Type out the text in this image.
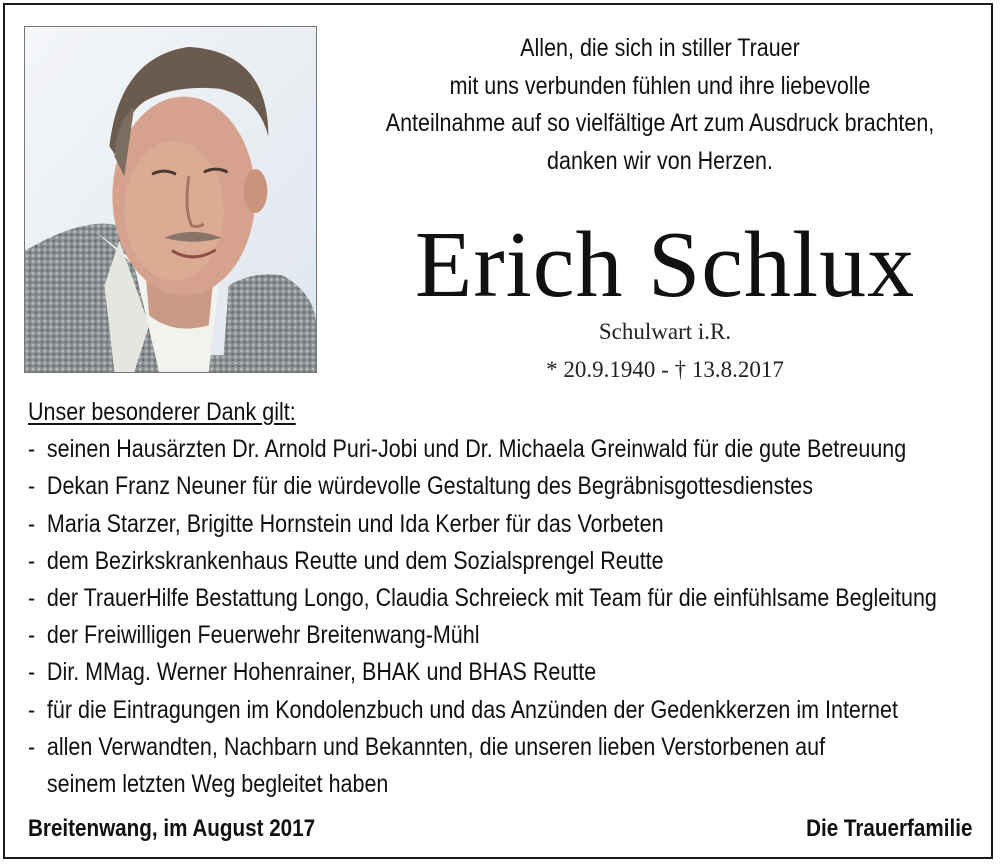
Allen, die sich in stiller Trauer
mit uns verbunden fühlen und ihre liebevolle
Anteilnahme auf so vielfältige Art zum Ausdruck brachten,
danken wir von Herzen.
Erich Schlux
Schulwart i.R.
* 20.9.1940 - † 13.8.2017
Unser besonderer Dank gilt:
- seinen Hausärzten Dr. Arnold Puri-Jobi und Dr. Michaela Greinwald für die gute Betreuung
- Dekan Franz Neuner für die würdevolle Gestaltung des Begräbnisgottesdienstes
- Maria Starzer, Brigitte Hornstein und Ida Kerber für das Vorbeten
- dem Bezirkskrankenhaus Reutte und dem Sozialsprengel Reutte
- der TrauerHilfe Bestattung Longo, Claudia Schreieck mit Team für die einfühlsame Begleitung
- der Freiwilligen Feuerwehr Breitenwang-Mühl
- Dir. MMag. Werner Hohenrainer, BHAK und BHAS Reutte
- für die Eintragungen im Kondolenzbuch und das Anzünden der Gedenkkerzen im Internet
- allen Verwandten, Nachbarn und Bekannten, die unseren lieben Verstorbenen auf
seinem letzten Weg begleitet haben
Breitenwang, im August 2017	Die Trauerfamilie
